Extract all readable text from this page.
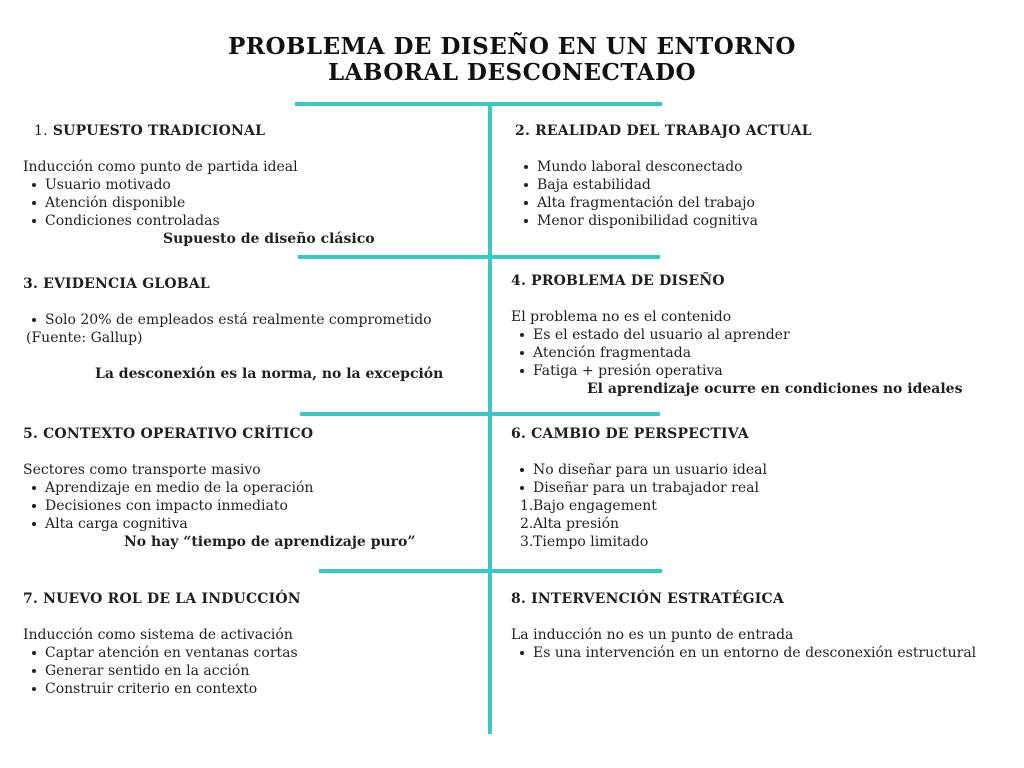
PROBLEMA DE DISEÑO EN UN ENTORNO
LABORAL DESCONECTADO
1. SUPUESTO TRADICIONAL
Inducción como punto de partida ideal
Usuario motivado
Atención disponible
Condiciones controladas
Supuesto de diseño clásico
2. REALIDAD DEL TRABAJO ACTUAL
Mundo laboral desconectado
Baja estabilidad
Alta fragmentación del trabajo
Menor disponibilidad cognitiva
3. EVIDENCIA GLOBAL
Solo 20% de empleados está realmente comprometido
(Fuente: Gallup)
La desconexión es la norma, no la excepción
4. PROBLEMA DE DISEÑO
El problema no es el contenido
Es el estado del usuario al aprender
Atención fragmentada
Fatiga + presión operativa
El aprendizaje ocurre en condiciones no ideales
5. CONTEXTO OPERATIVO CRÍTICO
Sectores como transporte masivo
Aprendizaje en medio de la operación
Decisiones con impacto inmediato
Alta carga cognitiva
No hay “tiempo de aprendizaje puro”
6. CAMBIO DE PERSPECTIVA
No diseñar para un usuario ideal
Diseñar para un trabajador real
1.Bajo engagement
2.Alta presión
3.Tiempo limitado
7. NUEVO ROL DE LA INDUCCIÓN
Inducción como sistema de activación
Captar atención en ventanas cortas
Generar sentido en la acción
Construir criterio en contexto
8. INTERVENCIÓN ESTRATÉGICA
La inducción no es un punto de entrada
Es una intervención en un entorno de desconexión estructural
